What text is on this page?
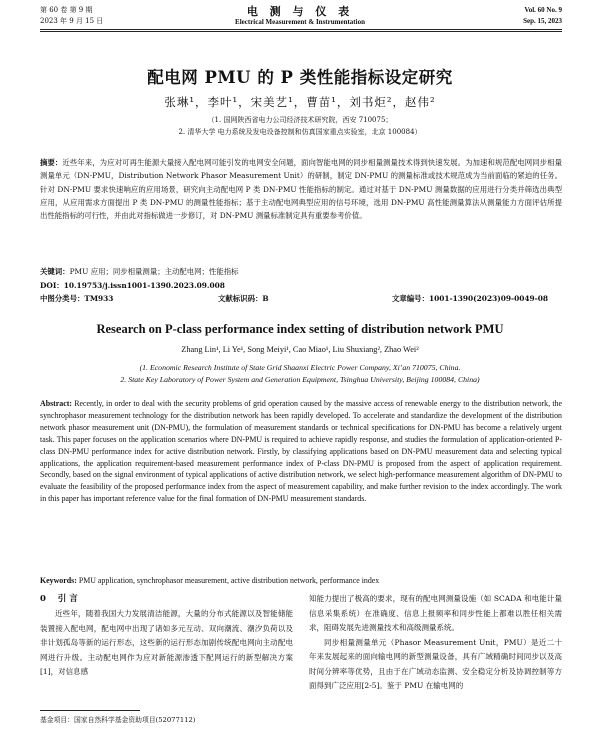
第 60 卷 第 9 期
2023 年 9 月 15 日
电 测 与 仪 表
Electrical Measurement & Instrumentation
Vol. 60 No. 9
Sep. 15, 2023
配电网 PMU 的 P 类性能指标设定研究
张琳¹，李叶¹，宋美艺¹，曹苗¹，刘书炬²，赵伟²
（1. 国网陕西省电力公司经济技术研究院，西安 710075；
2. 清华大学 电力系统及发电设备控制和仿真国家重点实验室，北京 100084）
摘要：近些年来，为应对可再生能源大量接入配电网可能引发的电网安全问题，面向智能电网的同步相量测量技术得到快速发展。为加速和规范配电网同步相量测量单元（DN-PMU，Distribution Network Phasor Measurement Unit）的研制，制定 DN-PMU 的测量标准或技术规范成为当前面临的紧迫的任务。针对 DN-PMU 要求快速响应的应用场景，研究向主动配电网 P 类 DN-PMU 性能指标的制定。通过对基于 DN-PMU 测量数据的应用进行分类并筛选出典型应用，从应用需求方面提出 P 类 DN-PMU 的测量性能指标；基于主动配电网典型应用的信号环境，选用 DN-PMU 高性能测量算法从测量能力方面评估所提出性能指标的可行性，并由此对指标做进一步修订，对 DN-PMU 测量标准制定具有重要参考价值。
关键词：PMU 应用；同步相量测量；主动配电网；性能指标
DOI：10.19753/j.issn1001-1390.2023.09.008
中图分类号：TM933	文献标识码：B	文章编号：1001-1390(2023)09-0049-08
Research on P-class performance index setting of distribution network PMU
Zhang Lin¹, Li Ye¹, Song Meiyi¹, Cao Miao¹, Liu Shuxiang², Zhao Wei²
(1. Economic Research Institute of State Grid Shaanxi Electric Power Company, Xi’an 710075, China.
2. State Key Laboratory of Power System and Generation Equipment, Tsinghua University, Beijing 100084, China)
Abstract: Recently, in order to deal with the security problems of grid operation caused by the massive access of renewable energy to the distribution network, the synchrophasor measurement technology for the distribution network has been rapidly developed. To accelerate and standardize the development of the distribution network phasor measurement unit (DN-PMU), the formulation of measurement standards or technical specifications for DN-PMU has become a relatively urgent task. This paper focuses on the application scenarios where DN-PMU is required to achieve rapidly response, and studies the formulation of application-oriented P-class DN-PMU performance index for active distribution network. Firstly, by classifying applications based on DN-PMU measurement data and selecting typical applications, the application requirement-based measurement performance index of P-class DN-PMU is proposed from the aspect of application requirement. Secondly, based on the signal environment of typical applications of active distribution network, we select high-performance measurement algorithm of DN-PMU to evaluate the feasibility of the proposed performance index from the aspect of measurement capability, and make further revision to the index accordingly. The work in this paper has important reference value for the final formation of DN-PMU measurement standards.
Keywords: PMU application, synchrophasor measurement, active distribution network, performance index
0 引 言

近些年，随着我国大力发展清洁能源，大量的分布式能源以及智能储能装置接入配电网，配电网中出现了诸如多元互动、双向潮流、潮汐负荷以及非计划孤岛等新的运行形态，这些新的运行形态加剧传统配电网向主动配电网进行升级。主动配电网作为应对新能源渗透下配网运行的新型解决方案[1]，对信息感

知能力提出了极高的要求，现有的配电网测量设施（如 SCADA 和电能计量信息采集系统）在准确度、信息上报频率和同步性能上都难以胜任相关需求，阻碍发展先进测量技术和高级测量系统。

同步相量测量单元（Phasor Measurement Unit，PMU）是近二十年来发展起来的面向输电网的新型测量设备，具有广域精确时间同步以及高时间分辨率等优势，且由于在广域动态监测、安全稳定分析及协调控制等方面得到广泛应用[2-5]。鉴于 PMU 在输电网的

基金项目：国家自然科学基金资助项目(52077112)
